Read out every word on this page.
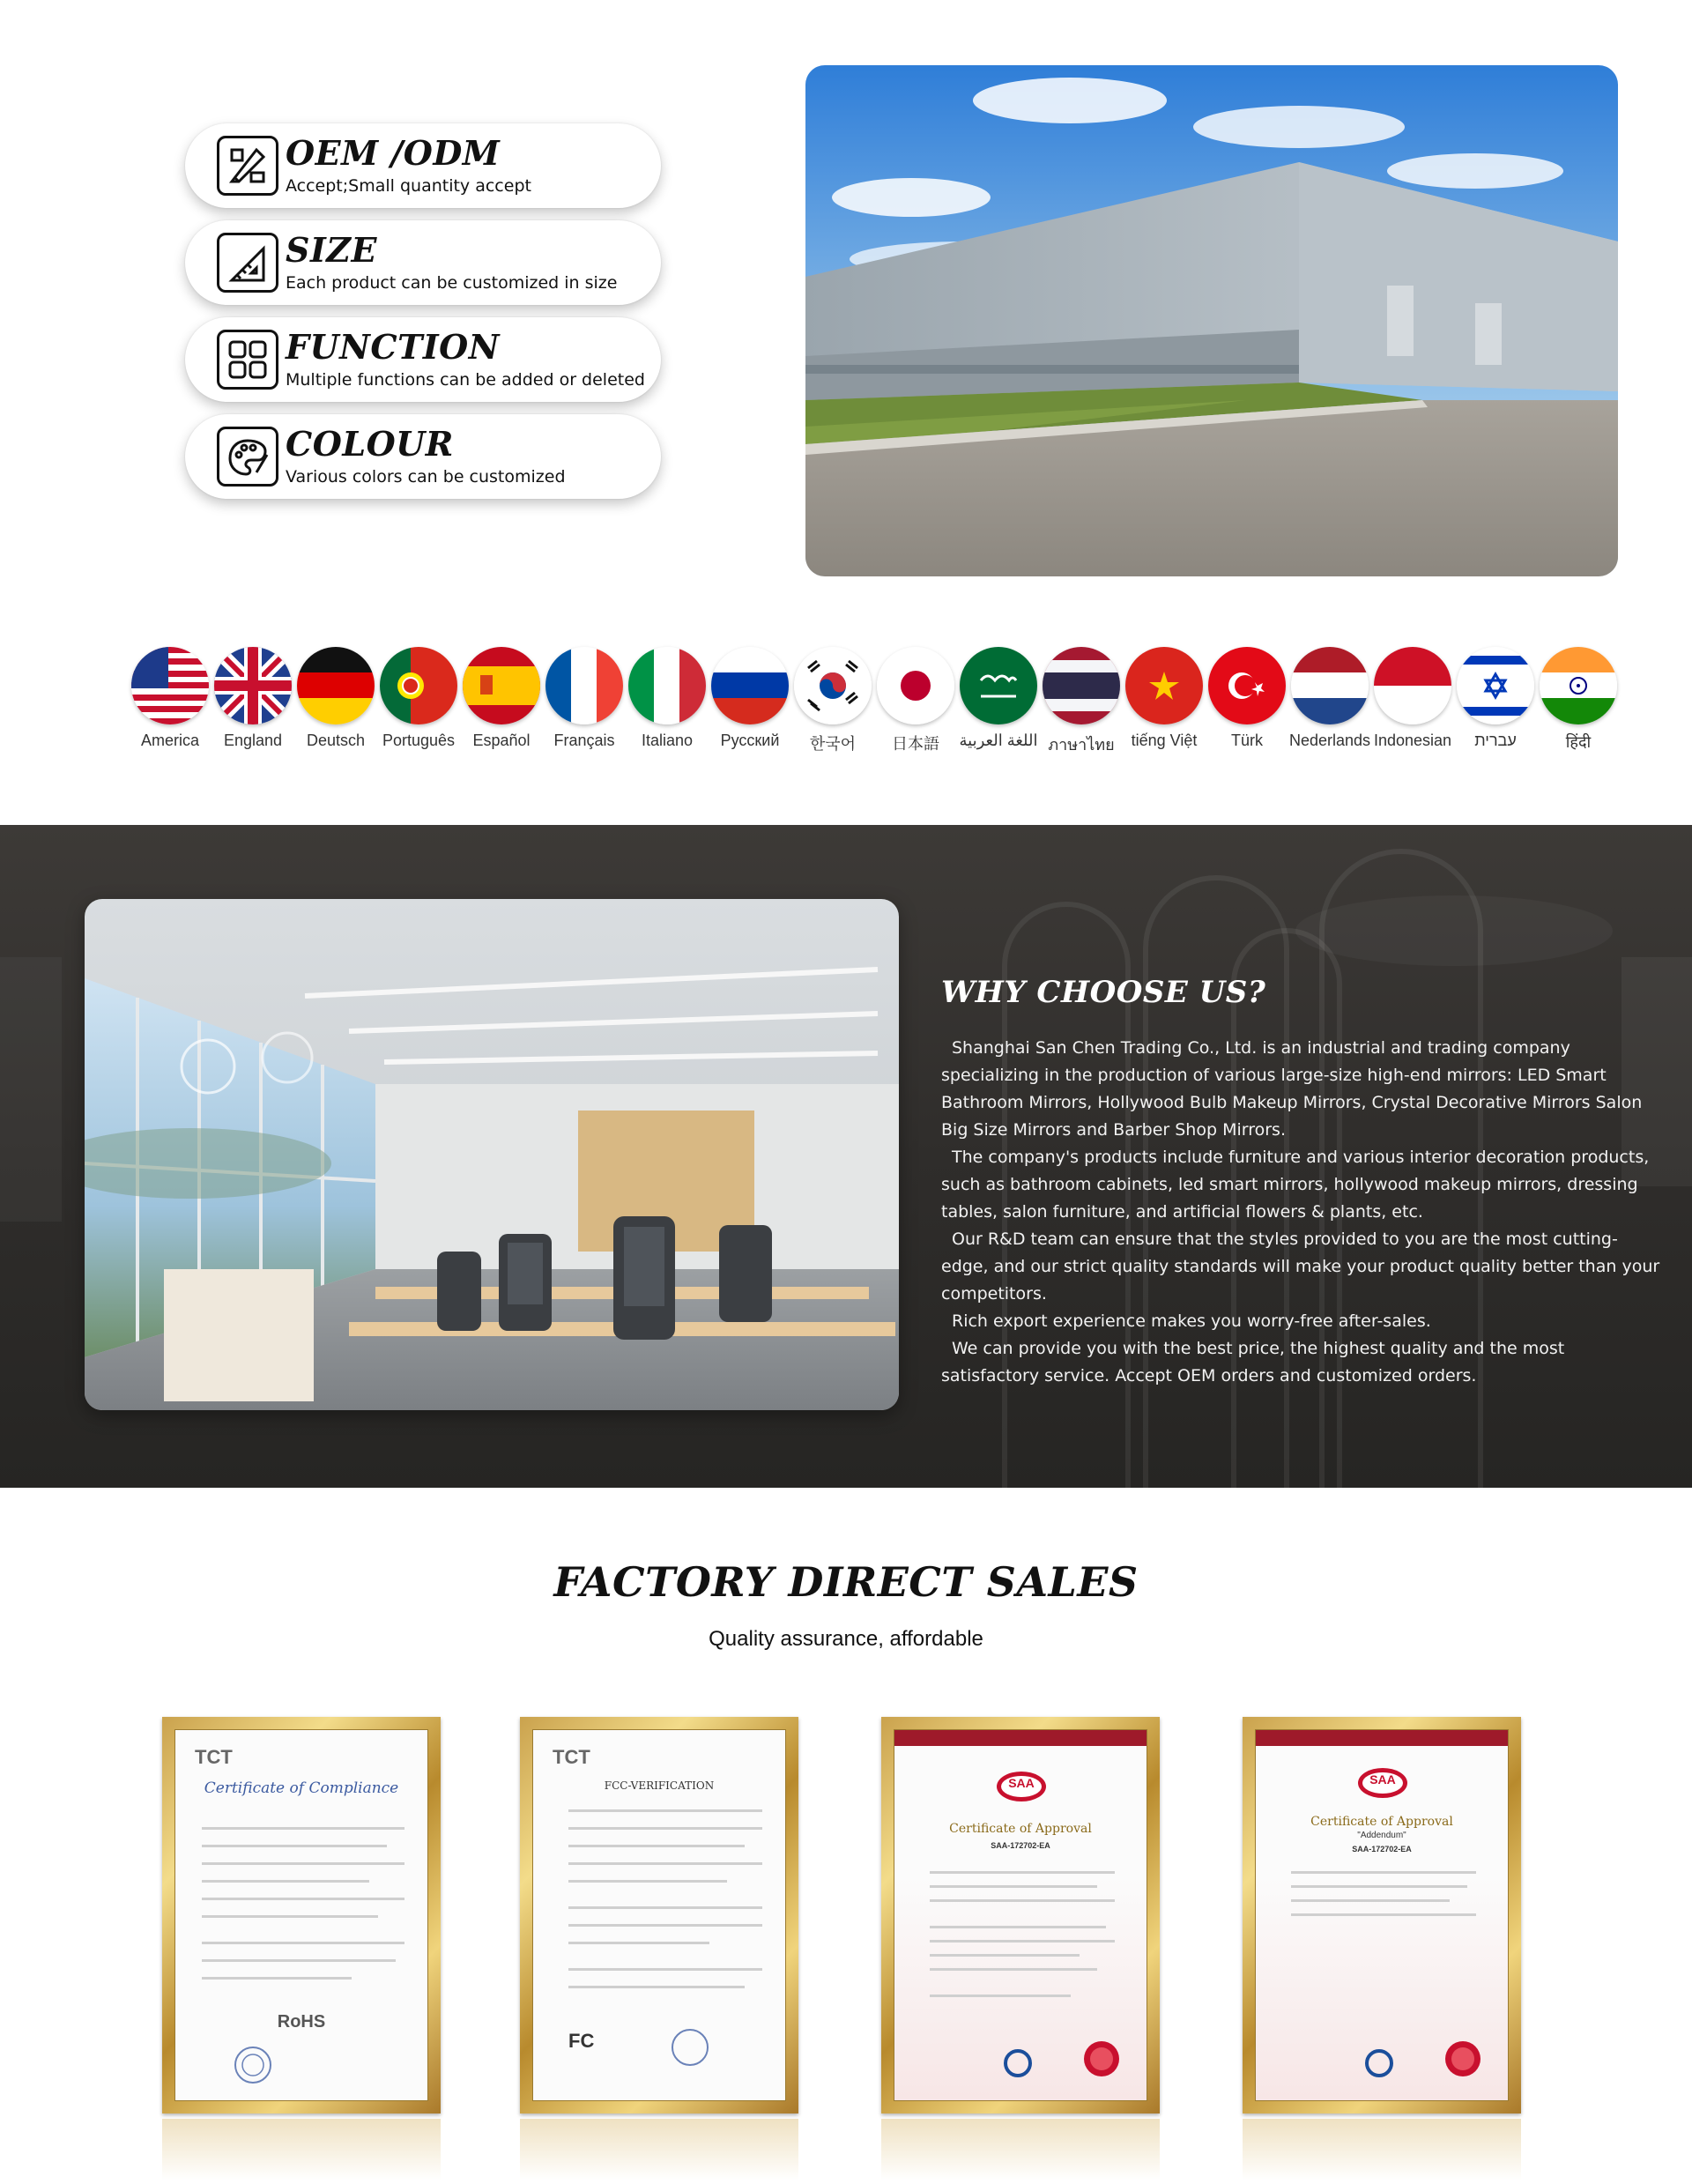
OEM /ODM
Accept;Small quantity accept
SIZE
Each product can be customized in size
FUNCTION
Multiple functions can be added or deleted
COLOUR
Various colors can be customized
America	England	Deutsch	Português	Español	Français	Italiano	Русский	한국어	日本語	اللغة العربية ภาษาไทย	tiếng Việt	Türk	Nederlands Indonesian	עברית	हिंदी
WHY CHOOSE US?

Shanghai San Chen Trading Co., Ltd. is an industrial and trading company specializing in the production of various large-size high-end mirrors: LED Smart Bathroom Mirrors, Hollywood Bulb Makeup Mirrors, Crystal Decorative Mirrors Salon Big Size Mirrors and Barber Shop Mirrors.

The company's products include furniture and various interior decoration products, such as bathroom cabinets, led smart mirrors, hollywood makeup mirrors, dressing tables, salon furniture, and artificial flowers & plants, etc.

Our R&D team can ensure that the styles provided to you are the most cutting-edge, and our strict quality standards will make your product quality better than your competitors.

Rich export experience makes you worry-free after-sales.

We can provide you with the best price, the highest quality and the most satisfactory service. Accept OEM orders and customized orders.

FACTORY DIRECT SALES
Quality assurance, affordable
TCT
Certificate of Compliance
RoHS
TCT
FCC-VERIFICATION
FC
SAA
Certificate of Approval
SAA-172702-EA
SAA
Certificate of Approval
"Addendum"
SAA-172702-EA
